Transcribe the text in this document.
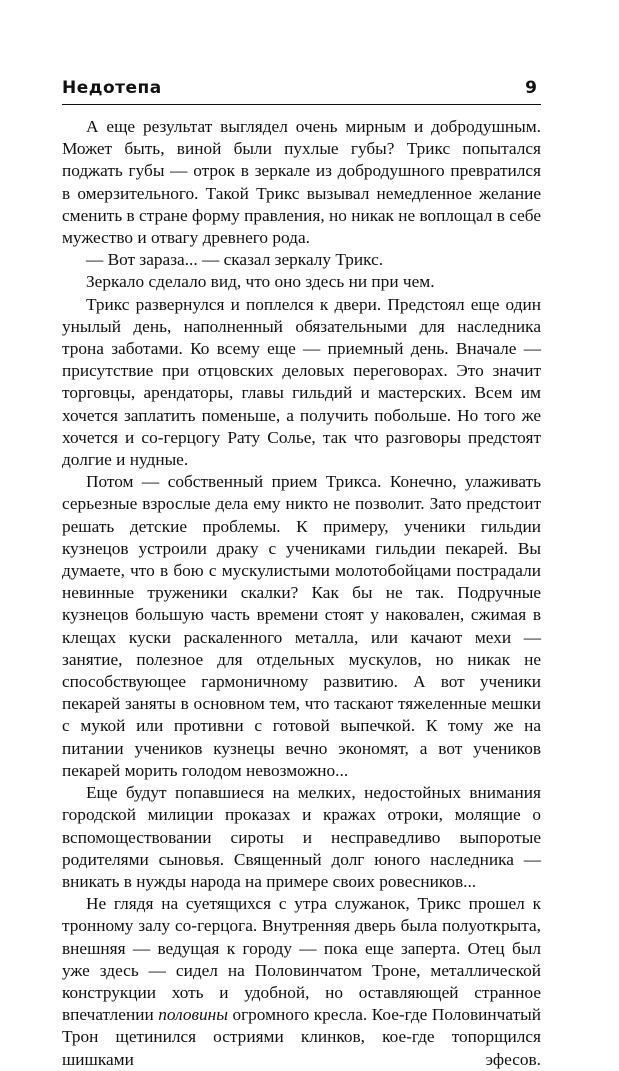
Недотепа	9

А еще результат выглядел очень мирным и добродушным. Может быть, виной были пухлые губы? Трикс попытался поджать губы — отрок в зеркале из добродушного превратился в омерзительного. Такой Трикс вызывал немедленное желание сменить в стране форму правления, но никак не воплощал в себе мужество и отвагу древнего рода.

— Вот зараза... — сказал зеркалу Трикс.

Зеркало сделало вид, что оно здесь ни при чем.

Трикс развернулся и поплелся к двери. Предстоял еще один унылый день, наполненный обязательными для наследника трона заботами. Ко всему еще — приемный день. Вначале — присутствие при отцовских деловых переговорах. Это значит торговцы, арендаторы, главы гильдий и мастерских. Всем им хочется заплатить поменьше, а получить побольше. Но того же хочется и со-герцогу Рату Солье, так что разговоры предстоят долгие и нудные.

Потом — собственный прием Трикса. Конечно, улаживать серьезные взрослые дела ему никто не позволит. Зато предстоит решать детские проблемы. К примеру, ученики гильдии кузнецов устроили драку с учениками гильдии пекарей. Вы думаете, что в бою с мускулистыми молотобойцами пострадали невинные труженики скалки? Как бы не так. Подручные кузнецов большую часть времени стоят у наковален, сжимая в клещах куски раскаленного металла, или качают мехи — занятие, полезное для отдельных мускулов, но никак не способствующее гармоничному развитию. А вот ученики пекарей заняты в основном тем, что таскают тяжеленные мешки с мукой или противни с готовой выпечкой. К тому же на питании учеников кузнецы вечно экономят, а вот учеников пекарей морить голодом невозможно...

Еще будут попавшиеся на мелких, недостойных внимания городской милиции проказах и кражах отроки, молящие о вспомоществовании сироты и несправедливо выпоротые родителями сыновья. Священный долг юного наследника — вникать в нужды народа на примере своих ровесников...

Не глядя на суетящихся с утра служанок, Трикс прошел к тронному залу со-герцога. Внутренняя дверь была полуоткрыта, внешняя — ведущая к городу — пока еще заперта. Отец был уже здесь — сидел на Половинчатом Троне, металлической конструкции хоть и удобной, но оставляющей странное впечатлении половины огромного кресла. Кое-где Половинчатый Трон щетинился остриями клинков, кое-где топорщился шишками эфесов.
